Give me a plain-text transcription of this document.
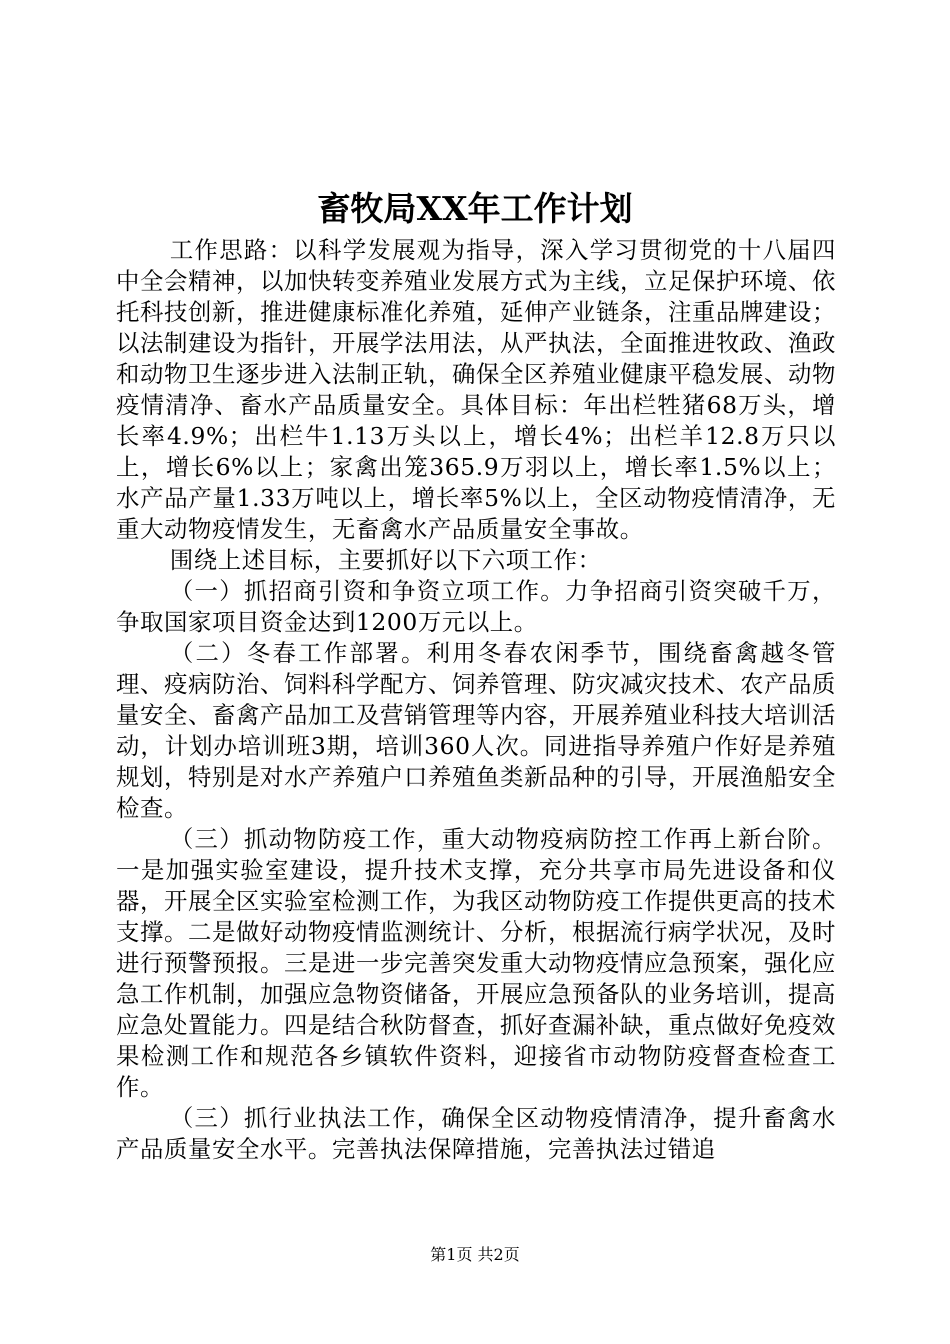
畜牧局XX年工作计划

工作思路：以科学发展观为指导，深入学习贯彻党的十八届四中全会精神，以加快转变养殖业发展方式为主线，立足保护环境、依托科技创新，推进健康标准化养殖，延伸产业链条，注重品牌建设；以法制建设为指针，开展学法用法，从严执法，全面推进牧政、渔政和动物卫生逐步进入法制正轨，确保全区养殖业健康平稳发展、动物疫情清净、畜水产品质量安全。具体目标：年出栏牲猪68万头，增长率4.9%；出栏牛1.13万头以上，增长4%；出栏羊12.8万只以上，增长6%以上；家禽出笼365.9万羽以上，增长率1.5%以上；水产品产量1.33万吨以上，增长率5%以上，全区动物疫情清净，无重大动物疫情发生，无畜禽水产品质量安全事故。

围绕上述目标，主要抓好以下六项工作：

（一）抓招商引资和争资立项工作。力争招商引资突破千万，争取国家项目资金达到1200万元以上。

（二）冬春工作部署。利用冬春农闲季节，围绕畜禽越冬管理、疫病防治、饲料科学配方、饲养管理、防灾减灾技术、农产品质量安全、畜禽产品加工及营销管理等内容，开展养殖业科技大培训活动，计划办培训班3期，培训360人次。同进指导养殖户作好是养殖规划，特别是对水产养殖户口养殖鱼类新品种的引导，开展渔船安全检查。

（三）抓动物防疫工作，重大动物疫病防控工作再上新台阶。一是加强实验室建设，提升技术支撑，充分共享市局先进设备和仪器，开展全区实验室检测工作，为我区动物防疫工作提供更高的技术支撑。二是做好动物疫情监测统计、分析，根据流行病学状况，及时进行预警预报。三是进一步完善突发重大动物疫情应急预案，强化应急工作机制，加强应急物资储备，开展应急预备队的业务培训，提高应急处置能力。四是结合秋防督查，抓好查漏补缺，重点做好免疫效果检测工作和规范各乡镇软件资料，迎接省市动物防疫督查检查工作。

（三）抓行业执法工作，确保全区动物疫情清净，提升畜禽水产品质量安全水平。完善执法保障措施，完善执法过错追

第1页 共2页
